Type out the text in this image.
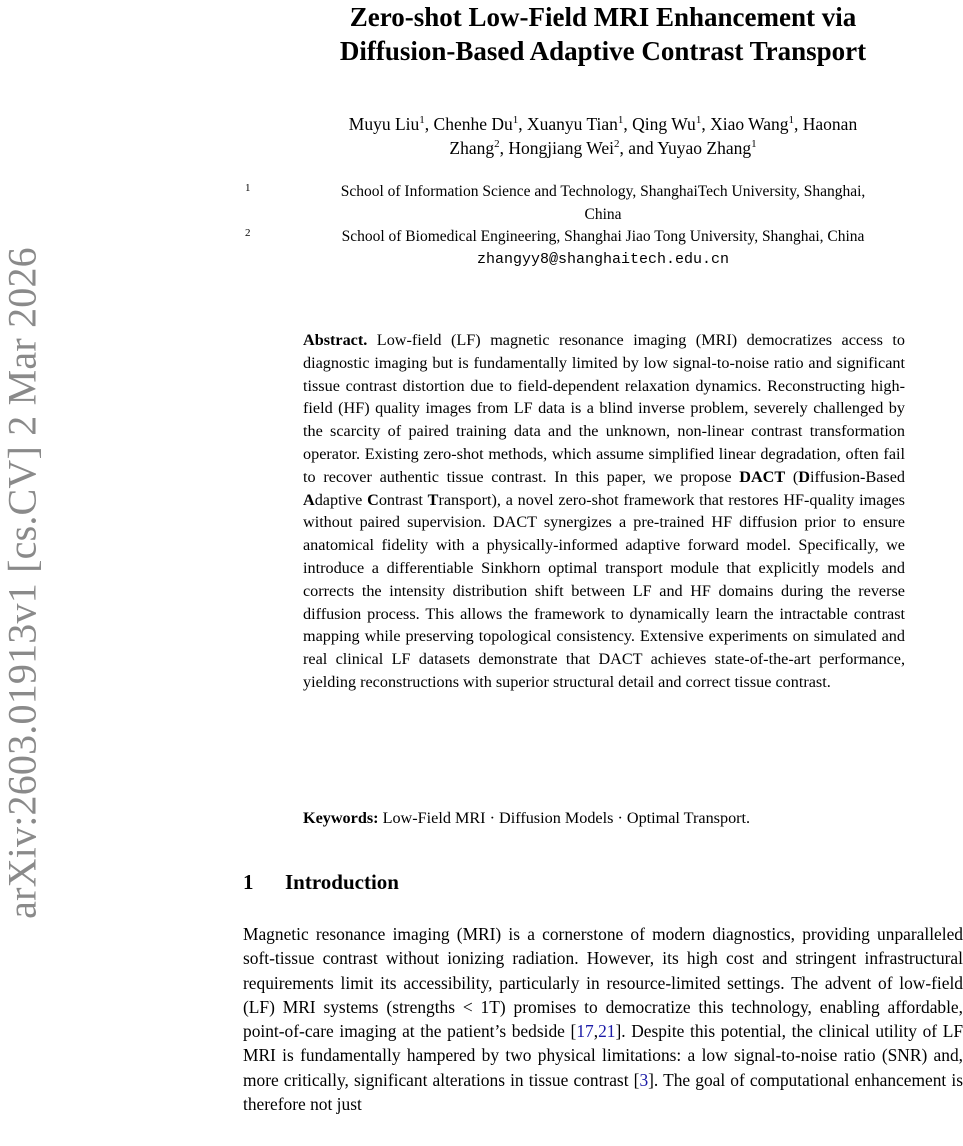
arXiv:2603.01913v1 [cs.CV] 2 Mar 2026
Zero-shot Low-Field MRI Enhancement via
Diffusion-Based Adaptive Contrast Transport
Muyu Liu$^1$, Chenhe Du$^1$, Xuanyu Tian$^1$, Qing Wu$^1$, Xiao Wang$^1$, Haonan
Zhang$^2$, Hongjiang Wei$^2$, and Yuyao Zhang$^1$
1	School of Information Science and Technology, ShanghaiTech University, Shanghai,
China
2	School of Biomedical Engineering, Shanghai Jiao Tong University, Shanghai, China
zhangyy8@shanghaitech.edu.cn
Abstract. Low-field (LF) magnetic resonance imaging (MRI) democratizes access to diagnostic imaging but is fundamentally limited by low signal-to-noise ratio and significant tissue contrast distortion due to field-dependent relaxation dynamics. Reconstructing high-field (HF) quality images from LF data is a blind inverse problem, severely challenged by the scarcity of paired training data and the unknown, non-linear contrast transformation operator. Existing zero-shot methods, which assume simplified linear degradation, often fail to recover authentic tissue contrast. In this paper, we propose DACT (Diffusion-Based Adaptive Contrast Transport), a novel zero-shot framework that restores HF-quality images without paired supervision. DACT synergizes a pre-trained HF diffusion prior to ensure anatomical fidelity with a physically-informed adaptive forward model. Specifically, we introduce a differentiable Sinkhorn optimal transport module that explicitly models and corrects the intensity distribution shift between LF and HF domains during the reverse diffusion process. This allows the framework to dynamically learn the intractable contrast mapping while preserving topological consistency. Extensive experiments on simulated and real clinical LF datasets demonstrate that DACT achieves state-of-the-art performance, yielding reconstructions with superior structural detail and correct tissue contrast.
Keywords: Low-Field MRI · Diffusion Models · Optimal Transport.
1 Introduction
Magnetic resonance imaging (MRI) is a cornerstone of modern diagnostics, providing unparalleled soft-tissue contrast without ionizing radiation. However, its high cost and stringent infrastructural requirements limit its accessibility, particularly in resource-limited settings. The advent of low-field (LF) MRI systems (strengths < 1T) promises to democratize this technology, enabling affordable, point-of-care imaging at the patient’s bedside [17,21]. Despite this potential, the clinical utility of LF MRI is fundamentally hampered by two physical limitations: a low signal-to-noise ratio (SNR) and, more critically, significant alterations in tissue contrast [3]. The goal of computational enhancement is therefore not just
